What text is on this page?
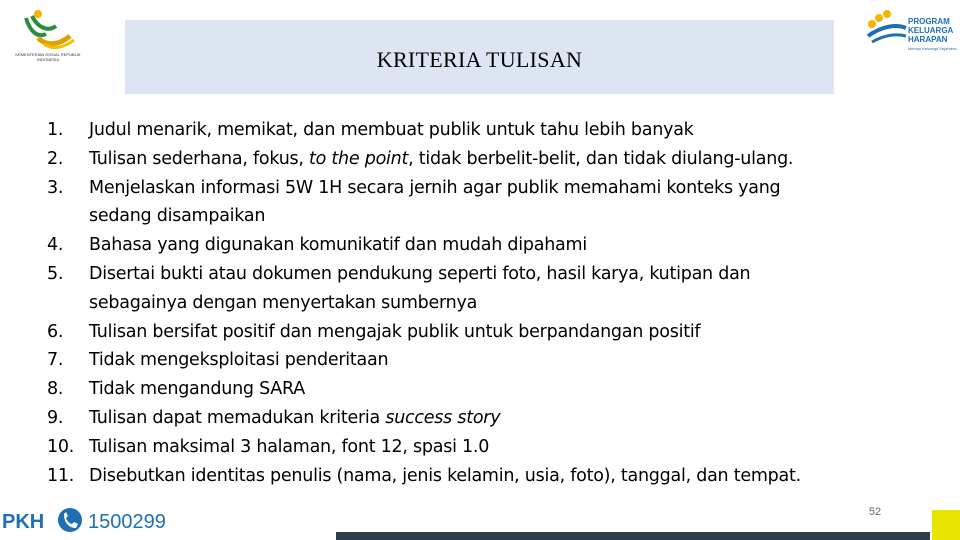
KEMENTERIAN SOSIAL REPUBLIK INDONESIA
PROGRAM
KELUARGA
HARAPAN
Menuju Keluarga Sejahtera
KRITERIA TULISAN
1.	Judul menarik, memikat, dan membuat publik untuk tahu lebih banyak
2.	Tulisan sederhana, fokus, to the point, tidak berbelit-belit, dan tidak diulang-ulang.
3.	Menjelaskan informasi 5W 1H secara jernih agar publik memahami konteks yang
sedang disampaikan
4.	Bahasa yang digunakan komunikatif dan mudah dipahami
5.	Disertai bukti atau dokumen pendukung seperti foto, hasil karya, kutipan dan
sebagainya dengan menyertakan sumbernya
6.	Tulisan bersifat positif dan mengajak publik untuk berpandangan positif
7.	Tidak mengeksploitasi penderitaan
8.	Tidak mengandung SARA
9.	Tulisan dapat memadukan kriteria success story
10. Tulisan maksimal 3 halaman, font 12, spasi 1.0
11. Disebutkan identitas penulis (nama, jenis kelamin, usia, foto), tanggal, dan tempat.
PKH 1500299	52
